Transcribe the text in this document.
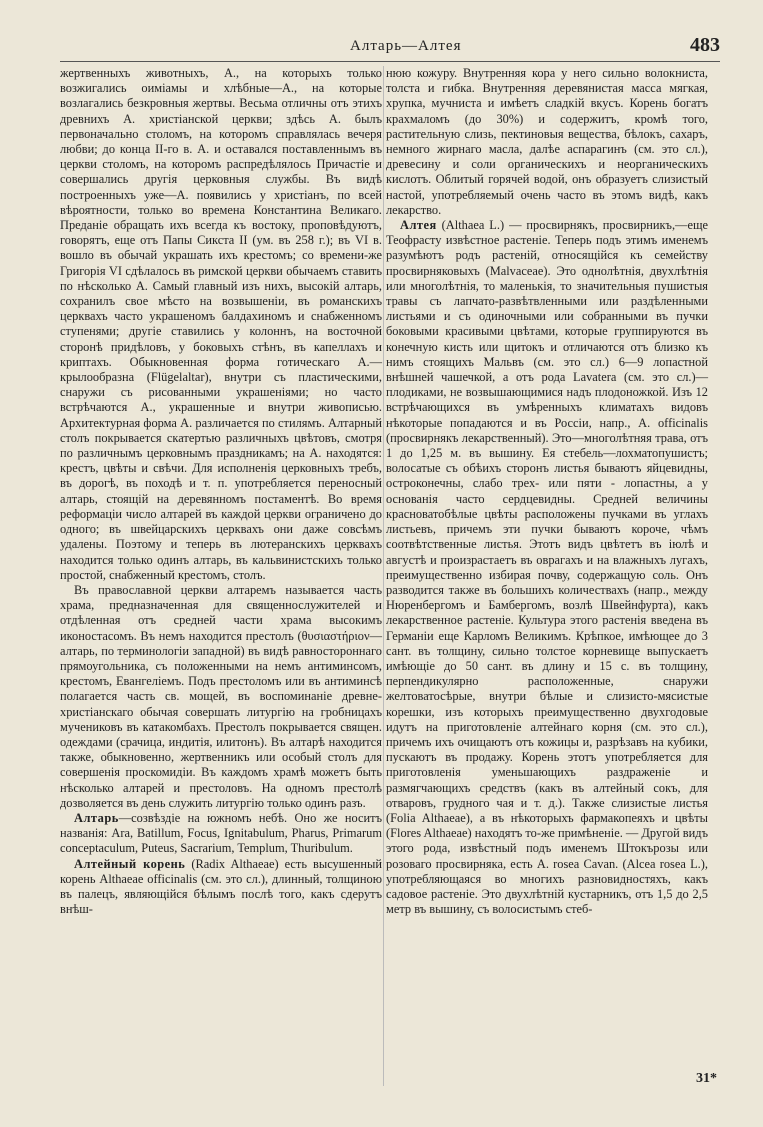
Алтарь—Алтея	483

жертвенныхъ животныхъ, А., на которыхъ только возжигались оиміамы и хлѣбные—А., на которые возлагались безкровныя жертвы. Весьма отличны отъ этихъ древнихъ А. христіанской церкви; здѣсь А. былъ первоначально столомъ, на которомъ справлялась вечеря любви; до конца II-го в. А. и оставался поставленнымъ въ церкви столомъ, на которомъ распредѣлялось Причастіе и совершались другія церковныя службы. Въ видѣ построенныхъ уже—А. появились у христіанъ, по всей вѣроятности, только во времена Константина Великаго. Преданіе обращать ихъ всегда къ востоку, проповѣдуютъ, говорятъ, еще отъ Папы Сикста II (ум. въ 258 г.); въ VI в. вошло въ обычай украшать ихъ крестомъ; со времени-же Григорія VI сдѣлалось въ римской церкви обычаемъ ставить по нѣсколько А. Самый главный изъ нихъ, высокій алтарь, сохранилъ свое мѣсто на возвышеніи, въ романскихъ церквахъ часто украшеномъ балдахиномъ и снабженномъ ступенями; другіе ставились у колоннъ, на восточной сторонѣ придѣловъ, у боковыхъ стѣнъ, въ капеллахъ и криптахъ. Обыкновенная форма готическаго А.—крылообразна (Flügelaltar), внутри съ пластическими, снаружи съ рисованными украшеніями; но часто встрѣчаются А., украшенные и внутри живописью. Архитектурная форма А. различается по стилямъ. Алтарный столъ покрывается скатертью различныхъ цвѣтовъ, смотря по различнымъ церковнымъ праздникамъ; на А. находятся: крестъ, цвѣты и свѣчи. Для исполненія церковныхъ требъ, въ дорогѣ, въ походѣ и т. п. употребляется переносный алтарь, стоящій на деревянномъ постаментѣ. Во время реформаціи число алтарей въ каждой церкви ограничено до одного; въ швейцарскихъ церквахъ они даже совсѣмъ удалены. Поэтому и теперь въ лютеранскихъ церквахъ находится только одинъ алтарь, въ кальвинистскихъ только простой, снабженный крестомъ, столъ.

Въ православной церкви алтаремъ называется часть храма, предназначенная для священнослужителей и отдѣленная отъ средней части храма высокимъ иконостасомъ. Въ немъ находится престолъ (θυσιαστήριον—алтарь, по терминологіи западной) въ видѣ равностороннаго прямоугольника, съ положенными на немъ антиминсомъ, крестомъ, Евангеліемъ. Подъ престоломъ или въ антиминсѣ полагается часть св. мощей, въ воспоминаніе древне-христіанскаго обычая совершать литургію на гробницахъ мучениковъ въ катакомбахъ. Престолъ покрывается священ. одеждами (срачица, индитія, илитонъ). Въ алтарѣ находится также, обыкновенно, жертвенникъ или особый столъ для совершенія проскомидіи. Въ каждомъ храмѣ можетъ быть нѣсколько алтарей и престоловъ. На одномъ престолѣ дозволяется въ день служить литургію только одинъ разъ.

Алтарь—созвѣздіе на южномъ небѣ. Оно же носитъ названія: Ara, Batillum, Focus, Ignitabulum, Pharus, Primarum conceptaculum, Puteus, Sacrarium, Templum, Thuribulum.

Алтейный корень (Radix Althaeae) есть высушенный корень Althaeae officinalis (см. это сл.), длинный, толщиною въ палецъ, являющійся бѣлымъ послѣ того, какъ сдерутъ внѣш-

нюю кожуру. Внутренняя кора у него сильно волокниста, толста и гибка. Внутренняя деревянистая масса мягкая, хрупка, мучниста и имѣетъ сладкій вкусъ. Корень богатъ крахмаломъ (до 30%) и содержитъ, кромѣ того, растительную слизь, пектиновыя вещества, бѣлокъ, сахаръ, немного жирнаго масла, далѣе аспарагинъ (см. это сл.), древесину и соли органическихъ и неорганическихъ кислотъ. Облитый горячей водой, онъ образуетъ слизистый настой, употребляемый очень часто въ этомъ видѣ, какъ лекарство.

Алтея (Althaea L.) — просвирнякъ, просвирникъ,—еще Теофрасту извѣстное растеніе. Теперь подъ этимъ именемъ разумѣютъ родъ растеній, относящійся къ семейству просвирняковыхъ (Malvaceae). Это однолѣтнія, двухлѣтнія или многолѣтнія, то маленькія, то значительныя пушистыя травы съ лапчато-развѣтвленными или раздѣленными листьями и съ одиночными или собранными въ пучки боковыми красивыми цвѣтами, которые группируются въ конечную кисть или щитокъ и отличаются отъ близко къ нимъ стоящихъ Мальвъ (см. это сл.) 6—9 лопастной внѣшней чашечкой, а отъ рода Lavatera (см. это сл.)— плодиками, не возвышающимися надъ плодоножкой. Изъ 12 встрѣчающихся въ умѣренныхъ климатахъ видовъ нѣкоторые попадаются и въ Россіи, напр., A. officinalis (просвирнякъ лекарственный). Это—многолѣтняя трава, отъ 1 до 1,25 м. въ вышину. Ея стебель—лохматопушистъ; волосатые съ обѣихъ сторонъ листья бываютъ яйцевидны, остроконечны, слабо трех- или пяти - лопастны, а у основанія часто сердцевидны. Средней величины красноватобѣлые цвѣты расположены пучками въ углахъ листьевъ, причемъ эти пучки бываютъ короче, чѣмъ соотвѣтственные листья. Этотъ видъ цвѣтетъ въ іюлѣ и августѣ и произрастаетъ въ оврагахъ и на влажныхъ лугахъ, преимущественно избирая почву, содержащую соль. Онъ разводится также въ большихъ количествахъ (напр., между Нюренбергомъ и Бамбергомъ, возлѣ Швейнфурта), какъ лекарственное растеніе. Культура этого растенія введена въ Германіи еще Карломъ Великимъ. Крѣпкое, имѣющее до 3 сант. въ толщину, сильно толстое корневище выпускаетъ имѣющіе до 50 сант. въ длину и 15 с. въ толщину, перпендикулярно расположенные, снаружи желтоватосѣрые, внутри бѣлые и слизисто-мясистые корешки, изъ которыхъ преимущественно двухгодовые идутъ на приготовленіе алтейнаго корня (см. это сл.), причемъ ихъ очищаютъ отъ кожицы и, разрѣзавъ на кубики, пускаютъ въ продажу. Корень этотъ употребляется для приготовленія уменьшающихъ раздраженіе и размягчающихъ средствъ (какъ въ алтейный сокъ, для отваровъ, грудного чая и т. д.). Также слизистые листья (Folia Althaeae), а въ нѣкоторыхъ фармакопеяхъ и цвѣты (Flores Althaeae) находятъ то-же примѣненіе. — Другой видъ этого рода, извѣстный подъ именемъ Штокърозы или розоваго просвирняка, есть A. rosea Cavan. (Alcea rosea L.), употребляющаяся во многихъ разновидностяхъ, какъ садовое растеніе. Это двухлѣтній кустарникъ, отъ 1,5 до 2,5 метр въ вышину, съ волосистымъ стеб-

31*
